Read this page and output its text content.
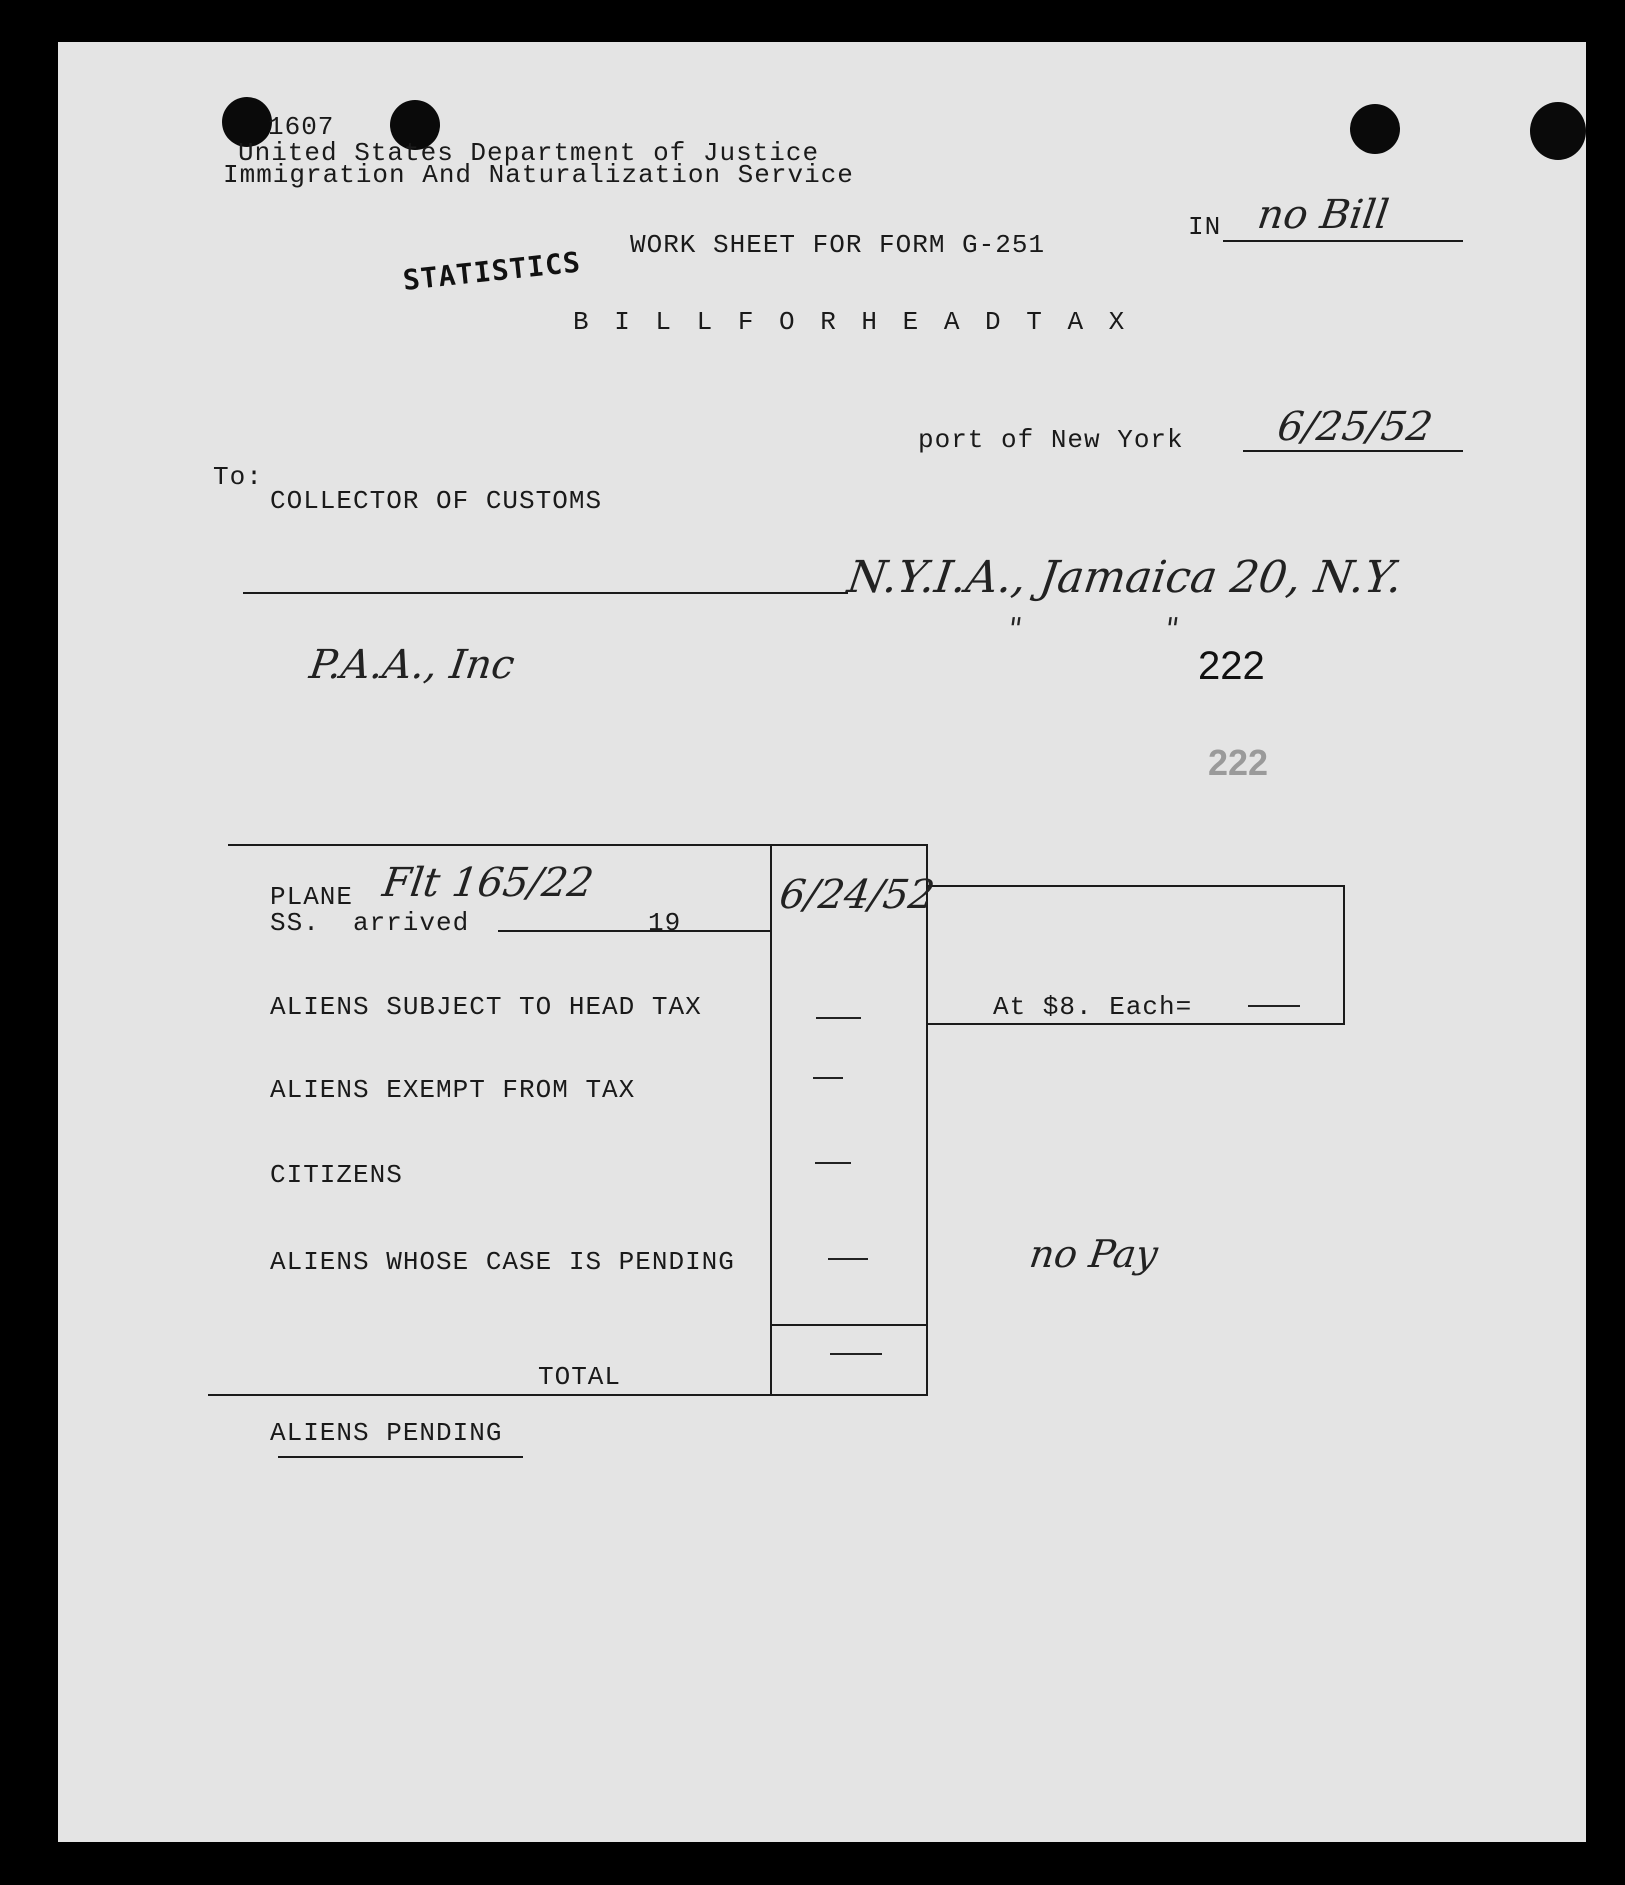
1607
United States Department of Justice
Immigration And Naturalization Service
STATISTICS
WORK SHEET FOR FORM G-251
IN no Bill
B I L L F O R H E A D T A X
port of New York 6/25/52
To:
COLLECTOR OF CUSTOMS
N.Y.I.A., Jamaica 20, N.Y.
"               "
P.A.A., Inc	222
222
PLANE Flt 165/22
SS. arrived	19
6/24/52
ALIENS SUBJECT TO HEAD TAX	At $8. Each=
ALIENS EXEMPT FROM TAX
CITIZENS
ALIENS WHOSE CASE IS PENDING	no Pay
TOTAL
ALIENS PENDING
